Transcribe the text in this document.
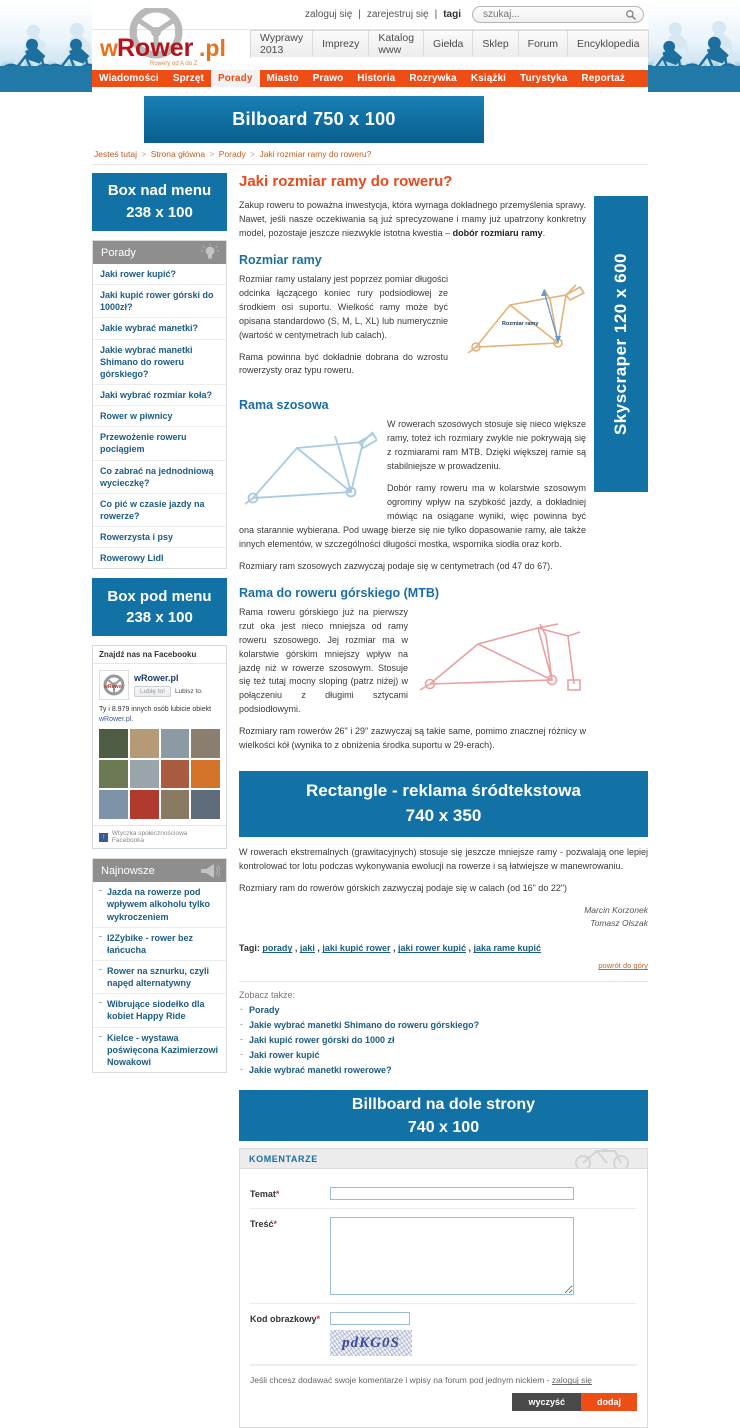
zaloguj się | zarejestruj się | tagi
szukaj...
w Rower .pl
Rowery od A do Z
Wyprawy 2013	Imprezy	Katalog www	Giełda	Sklep	Forum	Encyklopedia
Wiadomości	Sprzęt	Porady	Miasto	Prawo	Historia	Rozrywka	Książki	Turystyka	Reportaż
Bilboard 750 x 100
Jesteś tutaj > Strona główna > Porady > Jaki rozmiar ramy do roweru?
Box nad menu
238 x 100
Porady
Jaki rower kupić?
Jaki kupić rower górski do 1000zł?
Jakie wybrać manetki?
Jakie wybrać manetki Shimano do roweru górskiego?
Jaki wybrać rozmiar koła?
Rower w piwnicy
Przewożenie roweru pociągiem
Co zabrać na jednodniową wycieczkę?
Co pić w czasie jazdy na rowerze?
Rowerzysta i psy
Rowerowy Lidl
Box pod menu
238 x 100
Znajdź nas na Facebooku
wRower
wRower.pl
Lubię to!	Lubisz to.
Ty i 8.979 innych osób lubicie obiekt wRower.pl.
f	Wtyczka społecznościowa Facebooka
Najnowsze
Jazda na rowerze pod wpływem alkoholu tylko wykroczeniem
I2Zybike - rower bez łańcucha
Rower na sznurku, czyli napęd alternatywny
Wibrujące siodełko dla kobiet Happy Ride
Kielce - wystawa poświęcona Kazimierzowi Nowakowi
Skyscraper 120 x 600
Jaki rozmiar ramy do roweru?

Zakup roweru to poważna inwestycja, która wymaga dokładnego przemyślenia sprawy. Nawet, jeśli nasze oczekiwania są już sprecyzowane i mamy już upatrzony konkretny model, pozostaje jeszcze niezwykle istotna kwestia – dobór rozmiaru ramy.

Rozmiar ramy
Rozmiar ramy

Rozmiar ramy ustalany jest poprzez pomiar długości odcinka łączącego koniec rury podsiodłowej ze środkiem osi suportu. Wielkość ramy może być opisana standardowo (S, M, L, XL) lub numerycznie (wartość w centymetrach lub calach).

Rama powinna być dokładnie dobrana do wzrostu rowerzysty oraz typu roweru.

Rama szosowa

W rowerach szosowych stosuje się nieco większe ramy, toteż ich rozmiary zwykle nie pokrywają się z rozmiarami ram MTB. Dzięki większej ramie są stabilniejsze w prowadzeniu.

Dobór ramy roweru ma w kolarstwie szosowym ogromny wpływ na szybkość jazdy, a dokładniej mówiąc na osiągane wyniki, więc powinna być ona starannie wybierana. Pod uwagę bierze się nie tylko dopasowanie ramy, ale także innych elementów, w szczególności długości mostka, wspornika siodła oraz korb.

Rozmiary ram szosowych zazwyczaj podaje się w centymetrach (od 47 do 67).

Rama do roweru górskiego (MTB)

Rama roweru górskiego już na pierwszy rzut oka jest nieco mniejsza od ramy roweru szosowego. Jej rozmiar ma w kolarstwie górskim mniejszy wpływ na jazdę niż w rowerze szosowym. Stosuje się też tutaj mocny sloping (patrz niżej) w połączeniu z długimi sztycami podsiodłowymi.

Rozmiary ram rowerów 26" i 29" zazwyczaj są takie same, pomimo znacznej różnicy w wielkości kół (wynika to z obniżenia środka suportu w 29-erach).

Rectangle - reklama śródtekstowa
740 x 350

W rowerach ekstremalnych (grawitacyjnych) stosuje się jeszcze mniejsze ramy - pozwalają one lepiej kontrolować tor lotu podczas wykonywania ewolucji na rowerze i są łatwiejsze w manewrowaniu.

Rozmiary ram do rowerów górskich zazwyczaj podaje się w calach (od 16" do 22")

Marcin Korzonek
Tomasz Olszak
Tagi: porady , jaki , jaki kupić rower , jaki rower kupić , jaka rame kupić
powrót do góry
Zobacz także:
- Porady
- Jakie wybrać manetki Shimano do roweru górskiego?
- Jaki kupić rower górski do 1000 zł
- Jaki rower kupić
- Jakie wybrać manetki rowerowe?
Billboard na dole strony
740 x 100
KOMENTARZE
Temat*
Treść*
Kod obrazkowy*
pdKG0S
Jeśli chcesz dodawać swoje komentarze i wpisy na forum pod jednym nickiem - zaloguj się
wyczyść	dodaj
